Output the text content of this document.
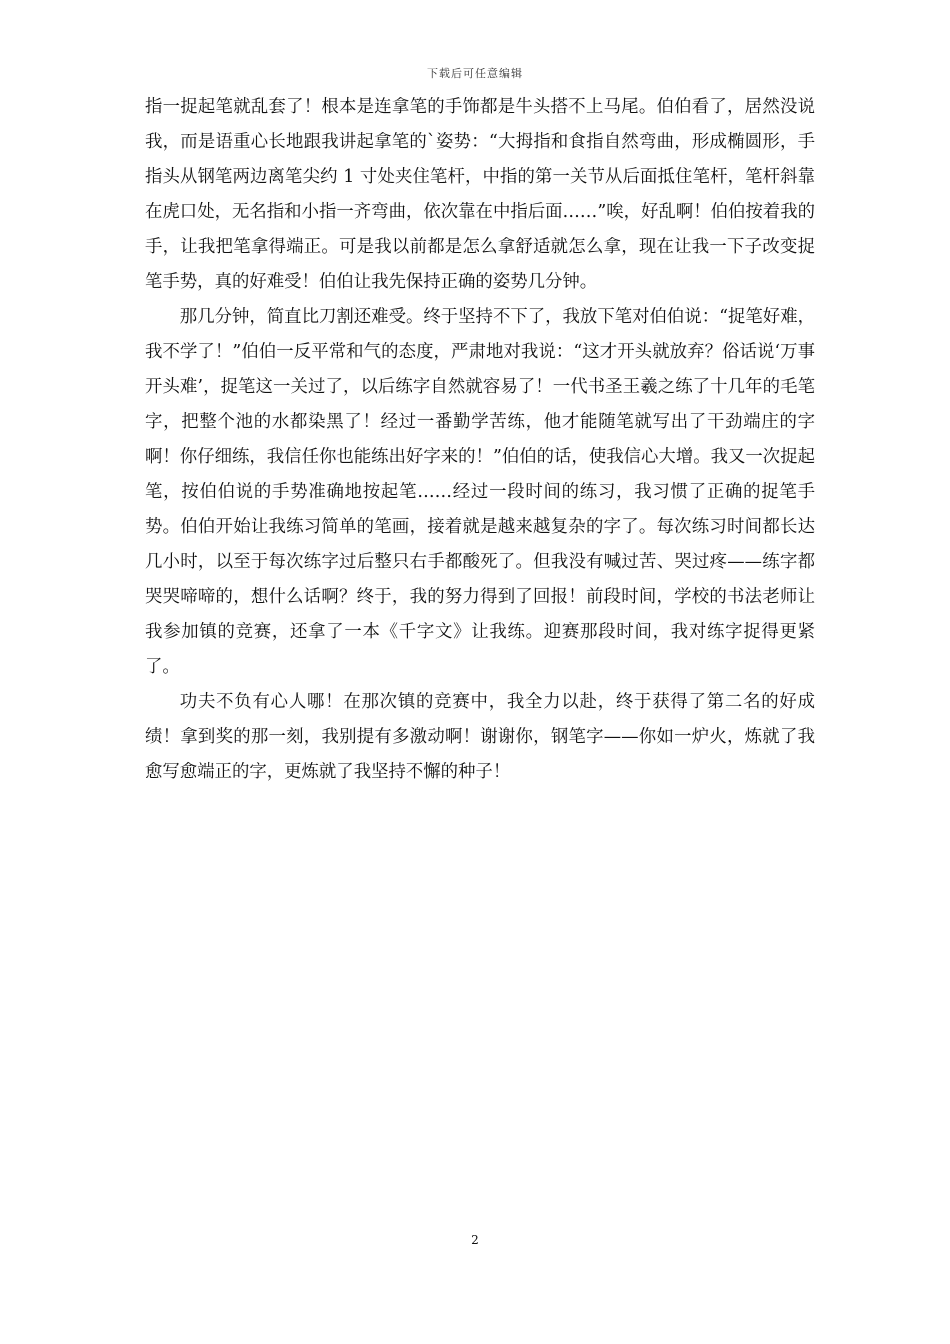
下载后可任意编辑

指一捉起笔就乱套了！根本是连拿笔的手饰都是牛头搭不上马尾。伯伯看了，居然没说我，而是语重心长地跟我讲起拿笔的`姿势：“大拇指和食指自然弯曲，形成椭圆形，手指头从钢笔两边离笔尖约 1 寸处夹住笔杆，中指的第一关节从后面抵住笔杆，笔杆斜靠在虎口处，无名指和小指一齐弯曲，依次靠在中指后面……”唉，好乱啊！伯伯按着我的手，让我把笔拿得端正。可是我以前都是怎么拿舒适就怎么拿，现在让我一下子改变捉笔手势，真的好难受！伯伯让我先保持正确的姿势几分钟。

那几分钟，简直比刀割还难受。终于坚持不下了，我放下笔对伯伯说：“捉笔好难，我不学了！”伯伯一反平常和气的态度，严肃地对我说：“这才开头就放弃？俗话说‘万事开头难’，捉笔这一关过了，以后练字自然就容易了！一代书圣王羲之练了十几年的毛笔字，把整个池的水都染黑了！经过一番勤学苦练，他才能随笔就写出了干劲端庄的字啊！你仔细练，我信任你也能练出好字来的！”伯伯的话，使我信心大增。我又一次捉起笔，按伯伯说的手势准确地按起笔……经过一段时间的练习，我习惯了正确的捉笔手势。伯伯开始让我练习简单的笔画，接着就是越来越复杂的字了。每次练习时间都长达几小时，以至于每次练字过后整只右手都酸死了。但我没有喊过苦、哭过疼——练字都哭哭啼啼的，想什么话啊？终于，我的努力得到了回报！前段时间，学校的书法老师让我参加镇的竞赛，还拿了一本《千字文》让我练。迎赛那段时间，我对练字捉得更紧了。

功夫不负有心人哪！在那次镇的竞赛中，我全力以赴，终于获得了第二名的好成绩！拿到奖的那一刻，我别提有多激动啊！谢谢你，钢笔字——你如一炉火，炼就了我愈写愈端正的字，更炼就了我坚持不懈的种子！

2
